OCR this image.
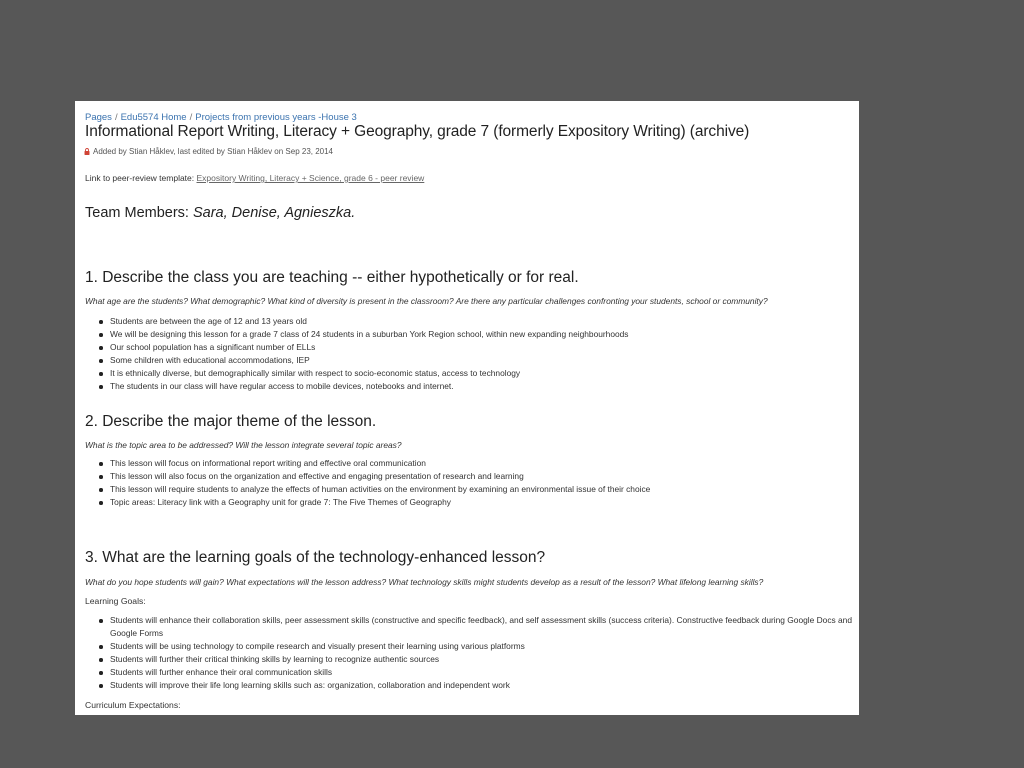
Pages / Edu5574 Home / Projects from previous years -House 3
Informational Report Writing, Literacy + Geography, grade 7 (formerly Expository Writing) (archive)
Added by Stian Håklev, last edited by Stian Håklev on Sep 23, 2014
Link to peer-review template: Expository Writing, Literacy + Science, grade 6 - peer review
Team Members: Sara, Denise, Agnieszka.
1. Describe the class you are teaching -- either hypothetically or for real.
What age are the students? What demographic? What kind of diversity is present in the classroom? Are there any particular challenges confronting your students, school or community?
Students are between the age of 12 and 13 years old
We will be designing this lesson for a grade 7 class of 24 students in a suburban York Region school, within new expanding neighbourhoods
Our school population has a significant number of ELLs
Some children with educational accommodations, IEP
It is ethnically diverse, but demographically similar with respect to socio-economic status, access to technology
The students in our class will have regular access to mobile devices, notebooks and internet.
2. Describe the major theme of the lesson.
What is the topic area to be addressed? Will the lesson integrate several topic areas?
This lesson will focus on informational report writing and effective oral communication
This lesson will also focus on the organization and effective and engaging presentation of research and learning
This lesson will require students to analyze the effects of human activities on the environment by examining an environmental issue of their choice
Topic areas: Literacy link with a Geography unit for grade 7: The Five Themes of Geography
3. What are the learning goals of the technology-enhanced lesson?
What do you hope students will gain? What expectations will the lesson address? What technology skills might students develop as a result of the lesson? What lifelong learning skills?
Learning Goals:
Students will enhance their collaboration skills, peer assessment skills (constructive and specific feedback), and self assessment skills (success criteria). Constructive feedback during Google Docs and Google Forms
Students will be using technology to compile research and visually present their learning using various platforms
Students will further their critical thinking skills by learning to recognize authentic sources
Students will further enhance their oral communication skills
Students will improve their life long learning skills such as: organization, collaboration and independent work
Curriculum Expectations:
